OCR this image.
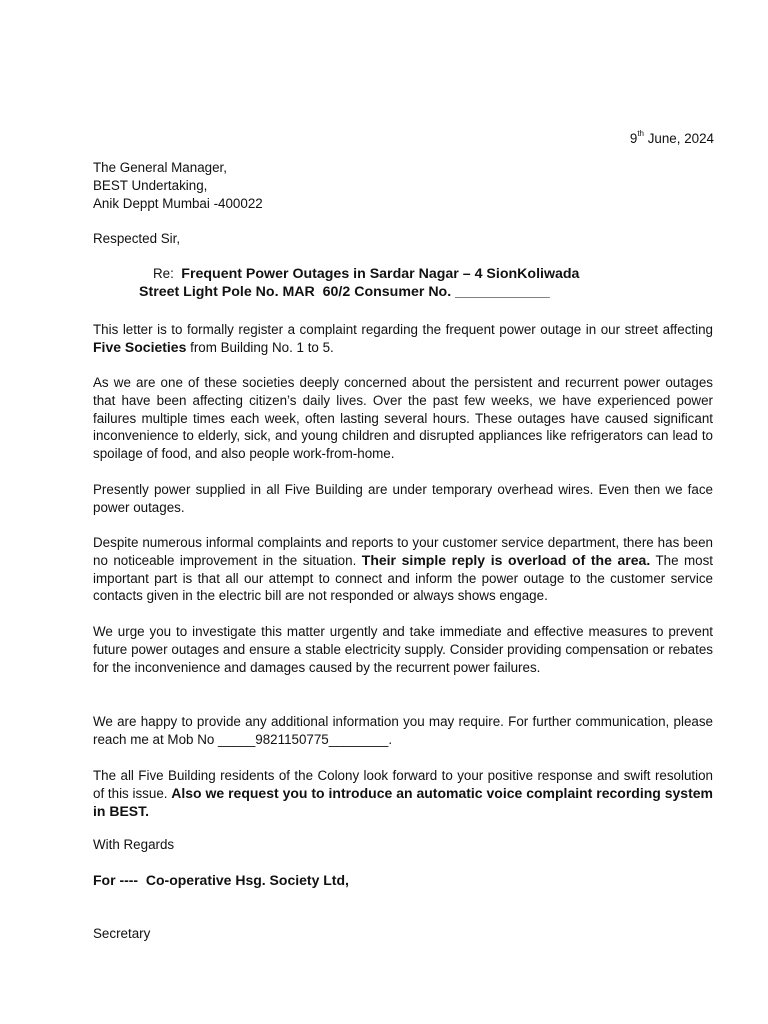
9th June, 2024
The General Manager,
BEST Undertaking,
Anik Deppt Mumbai -400022
Respected Sir,
Re: Frequent Power Outages in Sardar Nagar – 4 SionKoliwada
Street Light Pole No. MAR  60/2 Consumer No. ____________
This letter is to formally register a complaint regarding the frequent power outage in our street affecting Five Societies from Building No. 1 to 5.
As we are one of these societies deeply concerned about the persistent and recurrent power outages that have been affecting citizen’s daily lives. Over the past few weeks, we have experienced power failures multiple times each week, often lasting several hours. These outages have caused significant inconvenience to elderly, sick, and young children and disrupted appliances like refrigerators can lead to spoilage of food, and also people work-from-home.
Presently power supplied in all Five Building are under temporary overhead wires. Even then we face power outages.
Despite numerous informal complaints and reports to your customer service department, there has been no noticeable improvement in the situation. Their simple reply is overload of the area. The most important part is that all our attempt to connect and inform the power outage to the customer service contacts given in the electric bill are not responded or always shows engage.
We urge you to investigate this matter urgently and take immediate and effective measures to prevent future power outages and ensure a stable electricity supply. Consider providing compensation or rebates for the inconvenience and damages caused by the recurrent power failures.
We are happy to provide any additional information you may require. For further communication, please reach me at Mob No _____9821150775________.
The all Five Building residents of the Colony look forward to your positive response and swift resolution of this issue. Also we request you to introduce an automatic voice complaint recording system in BEST.
With Regards
For ----  Co-operative Hsg. Society Ltd,
Secretary
